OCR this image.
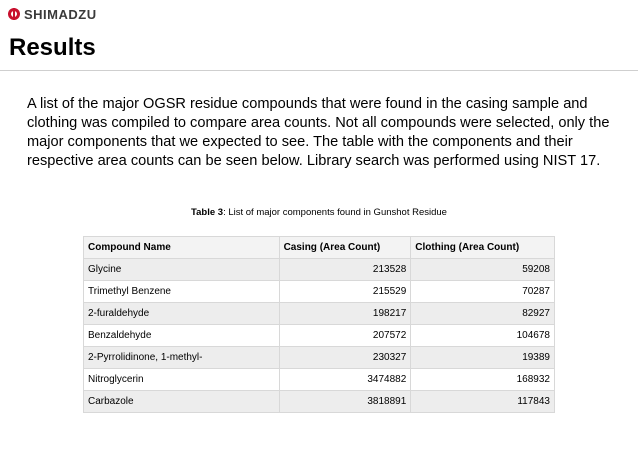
SHIMADZU
Results

A list of the major OGSR residue compounds that were found in the casing sample and clothing was compiled to compare area counts. Not all compounds were selected, only the major components that we expected to see. The table with the components and their respective area counts can be seen below. Library search was performed using NIST 17.

Table 3: List of major components found in Gunshot Residue
Compound Name	Casing (Area Count)	Clothing (Area Count)
Glycine	213528	59208
Trimethyl Benzene	215529	70287
2-furaldehyde	198217	82927
Benzaldehyde	207572	104678
2-Pyrrolidinone, 1-methyl-	230327	19389
Nitroglycerin	3474882	168932
Carbazole	3818891	117843
